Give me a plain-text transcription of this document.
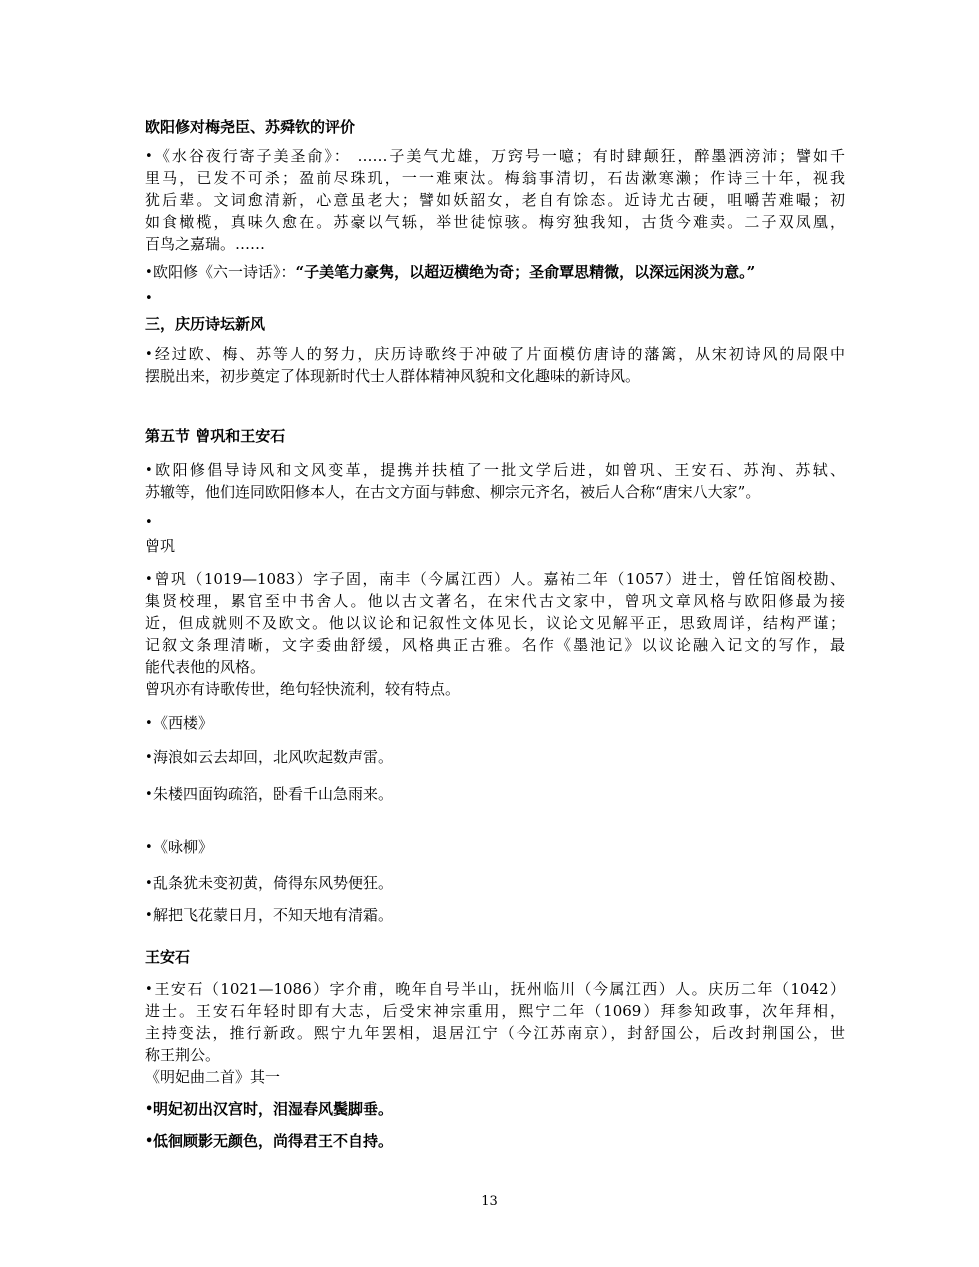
欧阳修对梅尧臣、苏舜钦的评价
•《水谷夜行寄子美圣俞》： ……子美气尤雄，万窍号一噫；有时肆颠狂，醉墨洒滂沛；譬如千
里马，已发不可杀；盈前尽珠玑，一一难柬汰。梅翁事清切，石齿漱寒濑；作诗三十年，视我
犹后辈。文词愈清新，心意虽老大；譬如妖韶女，老自有馀态。近诗尤古硬，咀嚼苦难嘬；初
如食橄榄，真味久愈在。苏豪以气轹，举世徒惊骇。梅穷独我知，古货今难卖。二子双凤凰，
百鸟之嘉瑞。……
•欧阳修《六一诗话》：“子美笔力豪隽，以超迈横绝为奇；圣俞覃思精微，以深远闲淡为意。”
•
三，庆历诗坛新风
•经过欧、梅、苏等人的努力，庆历诗歌终于冲破了片面模仿唐诗的藩篱，从宋初诗风的局限中
摆脱出来，初步奠定了体现新时代士人群体精神风貌和文化趣味的新诗风。
第五节 曾巩和王安石
•欧阳修倡导诗风和文风变革，提携并扶植了一批文学后进，如曾巩、王安石、苏洵、苏轼、
苏辙等，他们连同欧阳修本人，在古文方面与韩愈、柳宗元齐名，被后人合称“唐宋八大家”。
•
曾巩
•曾巩（1019—1083）字子固，南丰（今属江西）人。嘉祐二年（1057）进士，曾任馆阁校勘、
集贤校理，累官至中书舍人。他以古文著名，在宋代古文家中，曾巩文章风格与欧阳修最为接
近，但成就则不及欧文。他以议论和记叙性文体见长，议论文见解平正，思致周详，结构严谨；
记叙文条理清晰，文字委曲舒缓，风格典正古雅。名作《墨池记》以议论融入记文的写作，最
能代表他的风格。
曾巩亦有诗歌传世，绝句轻快流利，较有特点。
•《西楼》
•海浪如云去却回，北风吹起数声雷。
•朱楼四面钩疏箔，卧看千山急雨来。
•《咏柳》
•乱条犹未变初黄，倚得东风势便狂。
•解把飞花蒙日月，不知天地有清霜。
王安石
•王安石（1021—1086）字介甫，晚年自号半山，抚州临川（今属江西）人。庆历二年（1042）
进士。王安石年轻时即有大志，后受宋神宗重用，熙宁二年（1069）拜参知政事，次年拜相，
主持变法，推行新政。熙宁九年罢相，退居江宁（今江苏南京），封舒国公，后改封荆国公，世
称王荆公。
《明妃曲二首》其一
•明妃初出汉宫时，泪湿春风鬓脚垂。
•低徊顾影无颜色，尚得君王不自持。
13
